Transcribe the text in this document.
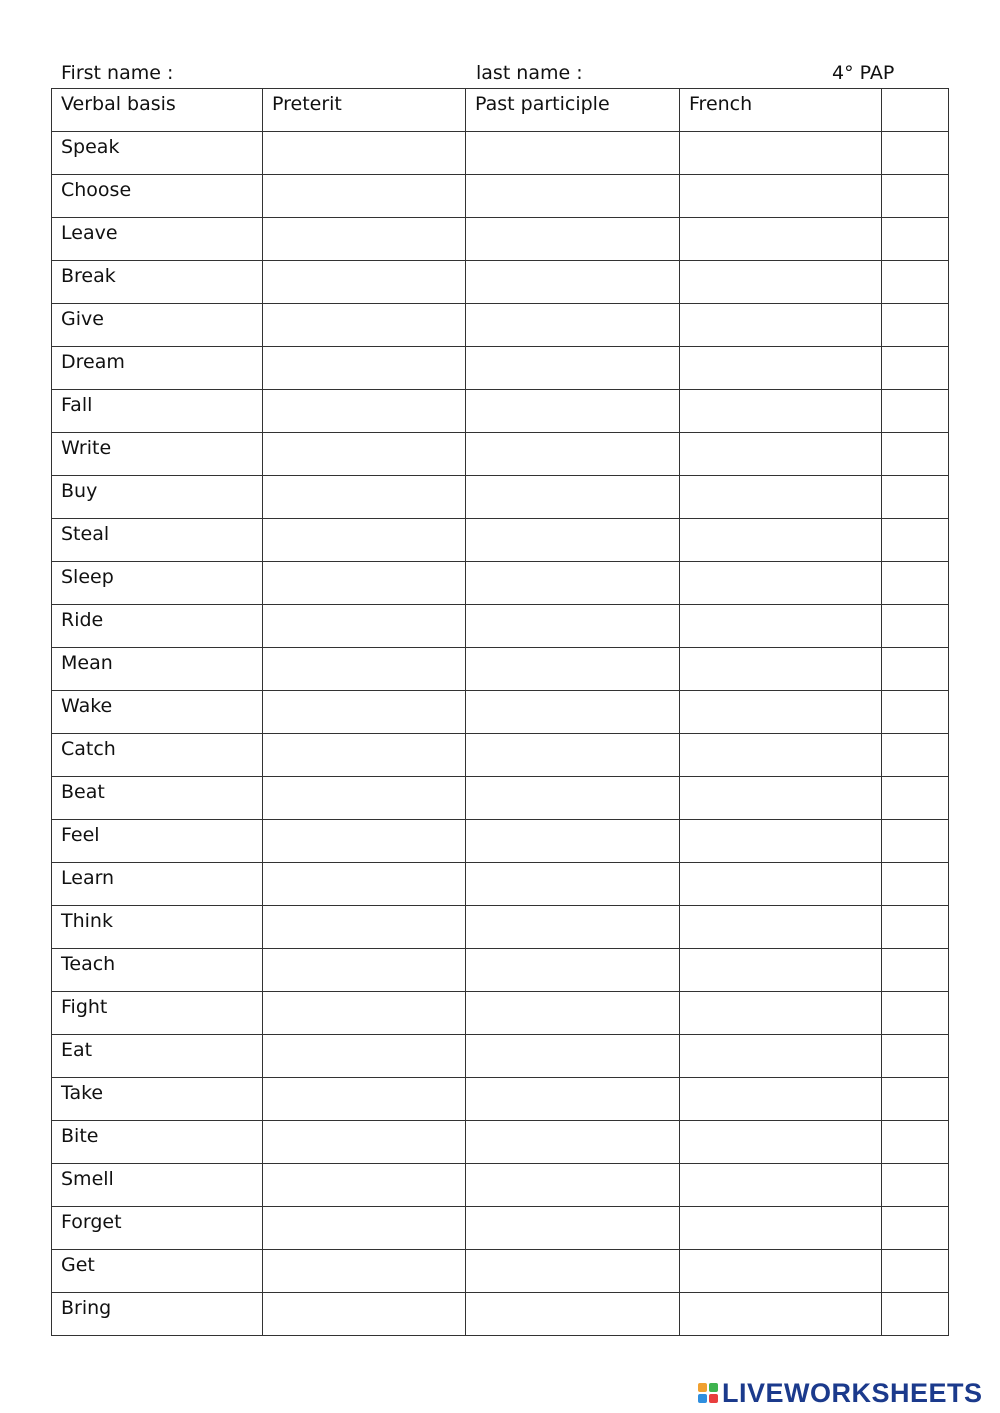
First name :	last name :	4° PAP
Verbal basis	Preterit	Past participle	French	
Speak				
Choose				
Leave				
Break				
Give				
Dream				
Fall				
Write				
Buy				
Steal				
Sleep				
Ride				
Mean				
Wake				
Catch				
Beat				
Feel				
Learn				
Think				
Teach				
Fight				
Eat				
Take				
Bite				
Smell				
Forget				
Get				
Bring				
LIVEWORKSHEETS
